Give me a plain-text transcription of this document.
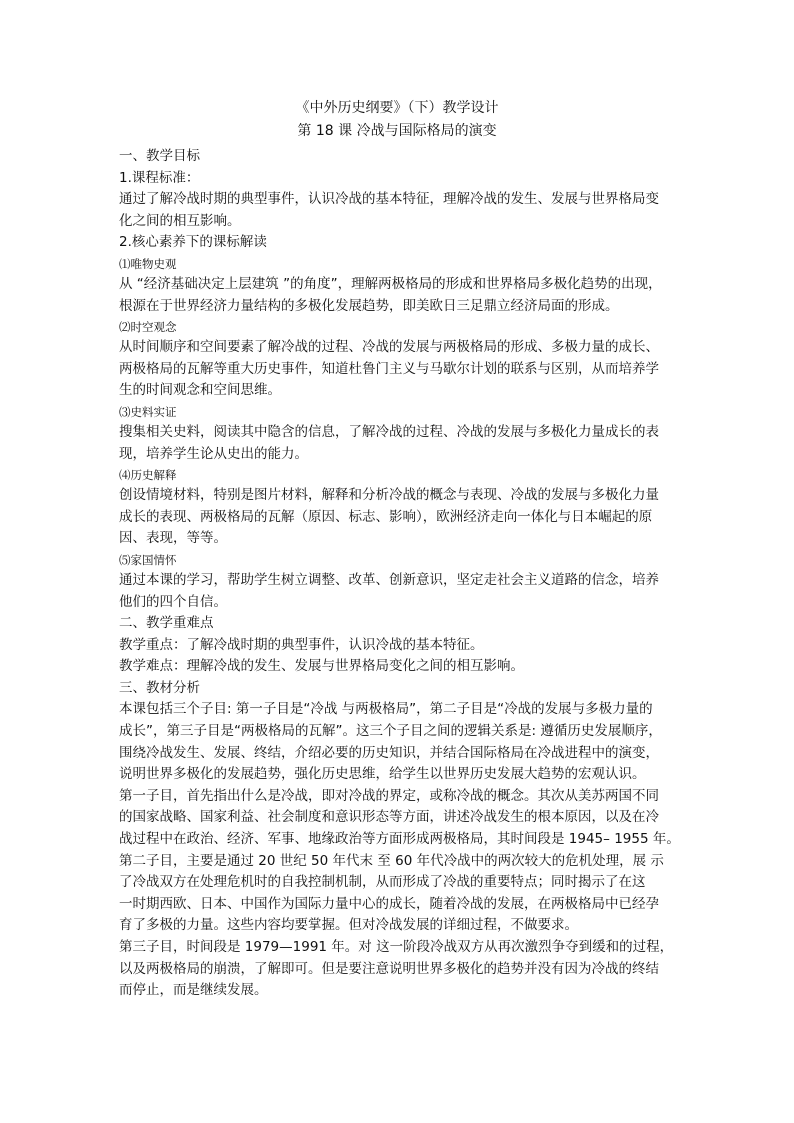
《中外历史纲要》（下）教学设计
第 18 课 冷战与国际格局的演变
一、教学目标
1.课程标准：
通过了解冷战时期的典型事件，认识冷战的基本特征，理解冷战的发生、发展与世界格局变
化之间的相互影响。
2.核心素养下的课标解读
⑴唯物史观
从 “经济基础决定上层建筑 ”的角度”，理解两极格局的形成和世界格局多极化趋势的出现，
根源在于世界经济力量结构的多极化发展趋势，即美欧日三足鼎立经济局面的形成。
⑵时空观念
从时间顺序和空间要素了解冷战的过程、冷战的发展与两极格局的形成、多极力量的成长、
两极格局的瓦解等重大历史事件，知道杜鲁门主义与马歇尔计划的联系与区别，从而培养学
生的时间观念和空间思维。
⑶史料实证
搜集相关史料，阅读其中隐含的信息，了解冷战的过程、冷战的发展与多极化力量成长的表
现，培养学生论从史出的能力。
⑷历史解释
创设情境材料，特别是图片材料，解释和分析冷战的概念与表现、冷战的发展与多极化力量
成长的表现、两极格局的瓦解（原因、标志、影响），欧洲经济走向一体化与日本崛起的原
因、表现，等等。
⑸家国情怀
通过本课的学习，帮助学生树立调整、改革、创新意识，坚定走社会主义道路的信念，培养
他们的四个自信。
二、教学重难点
教学重点：了解冷战时期的典型事件，认识冷战的基本特征。
教学难点：理解冷战的发生、发展与世界格局变化之间的相互影响。
三、教材分析
本课包括三个子目: 第一子目是“冷战 与两极格局”，第二子目是“冷战的发展与多极力量的
成长”，第三子目是“两极格局的瓦解”。这三个子目之间的逻辑关系是: 遵循历史发展顺序，
围绕冷战发生、发展、终结，介绍必要的历史知识，并结合国际格局在冷战进程中的演变，
说明世界多极化的发展趋势，强化历史思维，给学生以世界历史发展大趋势的宏观认识。
第一子目，首先指出什么是冷战，即对冷战的界定，或称冷战的概念。其次从美苏两国不同
的国家战略、国家利益、社会制度和意识形态等方面，讲述冷战发生的根本原因，以及在冷
战过程中在政治、经济、军事、地缘政治等方面形成两极格局，其时间段是 1945– 1955 年。
第二子目，主要是通过 20 世纪 50 年代末 至 60 年代冷战中的两次较大的危机处理，展 示
了冷战双方在处理危机时的自我控制机制，从而形成了冷战的重要特点；同时揭示了在这
一时期西欧、日本、中国作为国际力量中心的成长，随着冷战的发展，在两极格局中已经孕
育了多极的力量。这些内容均要掌握。但对冷战发展的详细过程，不做要求。
第三子目，时间段是 1979—1991 年。对 这一阶段冷战双方从再次激烈争夺到缓和的过程，
以及两极格局的崩溃，了解即可。但是要注意说明世界多极化的趋势并没有因为冷战的终结
而停止，而是继续发展。
